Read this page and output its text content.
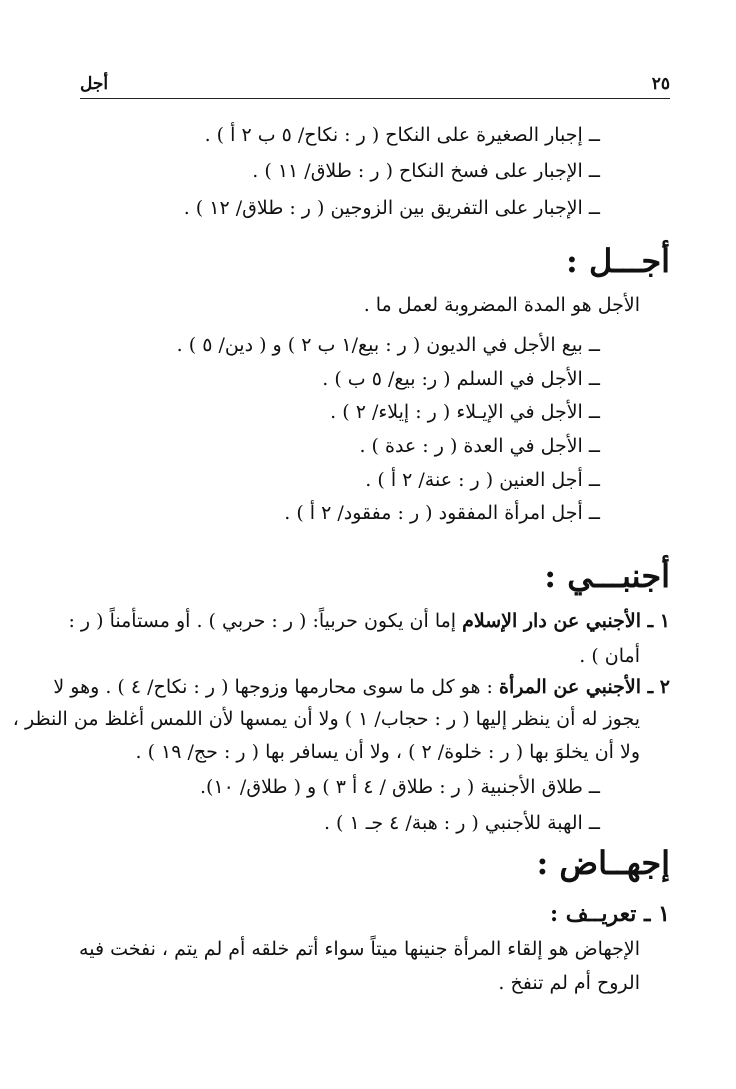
٢٥
أجل
ــ إجبار الصغيرة على النكاح ( ر : نكاح/ ٥ ب ٢ أ ) .
ــ الإجبار على فسخ النكاح ( ر : طلاق/ ١١ ) .
ــ الإجبار على التفريق بين الزوجين ( ر : طلاق/ ١٢ ) .
أجـــل :
الأجل هو المدة المضروبة لعمل ما .
ــ بيع الأجل في الديون ( ر : بيع/١ ب ٢ ) و ( دين/ ٥ ) .
ــ الأجل في السلم ( ر: بيع/ ٥ ب ) .
ــ الأجل في الإيـلاء ( ر : إيلاء/ ٢ ) .
ــ الأجل في العدة ( ر : عدة ) .
ــ أجل العنين ( ر : عنة/ ٢ أ ) .
ــ أجل امرأة المفقود ( ر : مفقود/ ٢ أ ) .
أجنبـــي :
١ ـ الأجنبي عن دار الإسلام إما أن يكون حربياً: ( ر : حربي ) . أو مستأمناً ( ر :
أمان ) .
٢ ـ الأجنبي عن المرأة : هو كل ما سوى محارمها وزوجها ( ر : نكاح/ ٤ ) . وهو لا
يجوز له أن ينظر إليها ( ر : حجاب/ ١ ) ولا أن يمسها لأن اللمس أغلظ من النظر ،
ولا أن يخلوَ بها ( ر : خلوة/ ٢ ) ، ولا أن يسافر بها ( ر : حج/ ١٩ ) .
ــ طلاق الأجنبية ( ر : طلاق / ٤ أ ٣ ) و ( طلاق/ ١٠).
ــ الهبة للأجنبي ( ر : هبة/ ٤ جـ ١ ) .
إجهــاض :
١ ـ تعريــف :
الإجهاض هو إلقاء المرأة جنينها ميتاً سواء أتم خلقه أم لم يتم ، نفخت فيه
الروح أم لم تنفخ .
